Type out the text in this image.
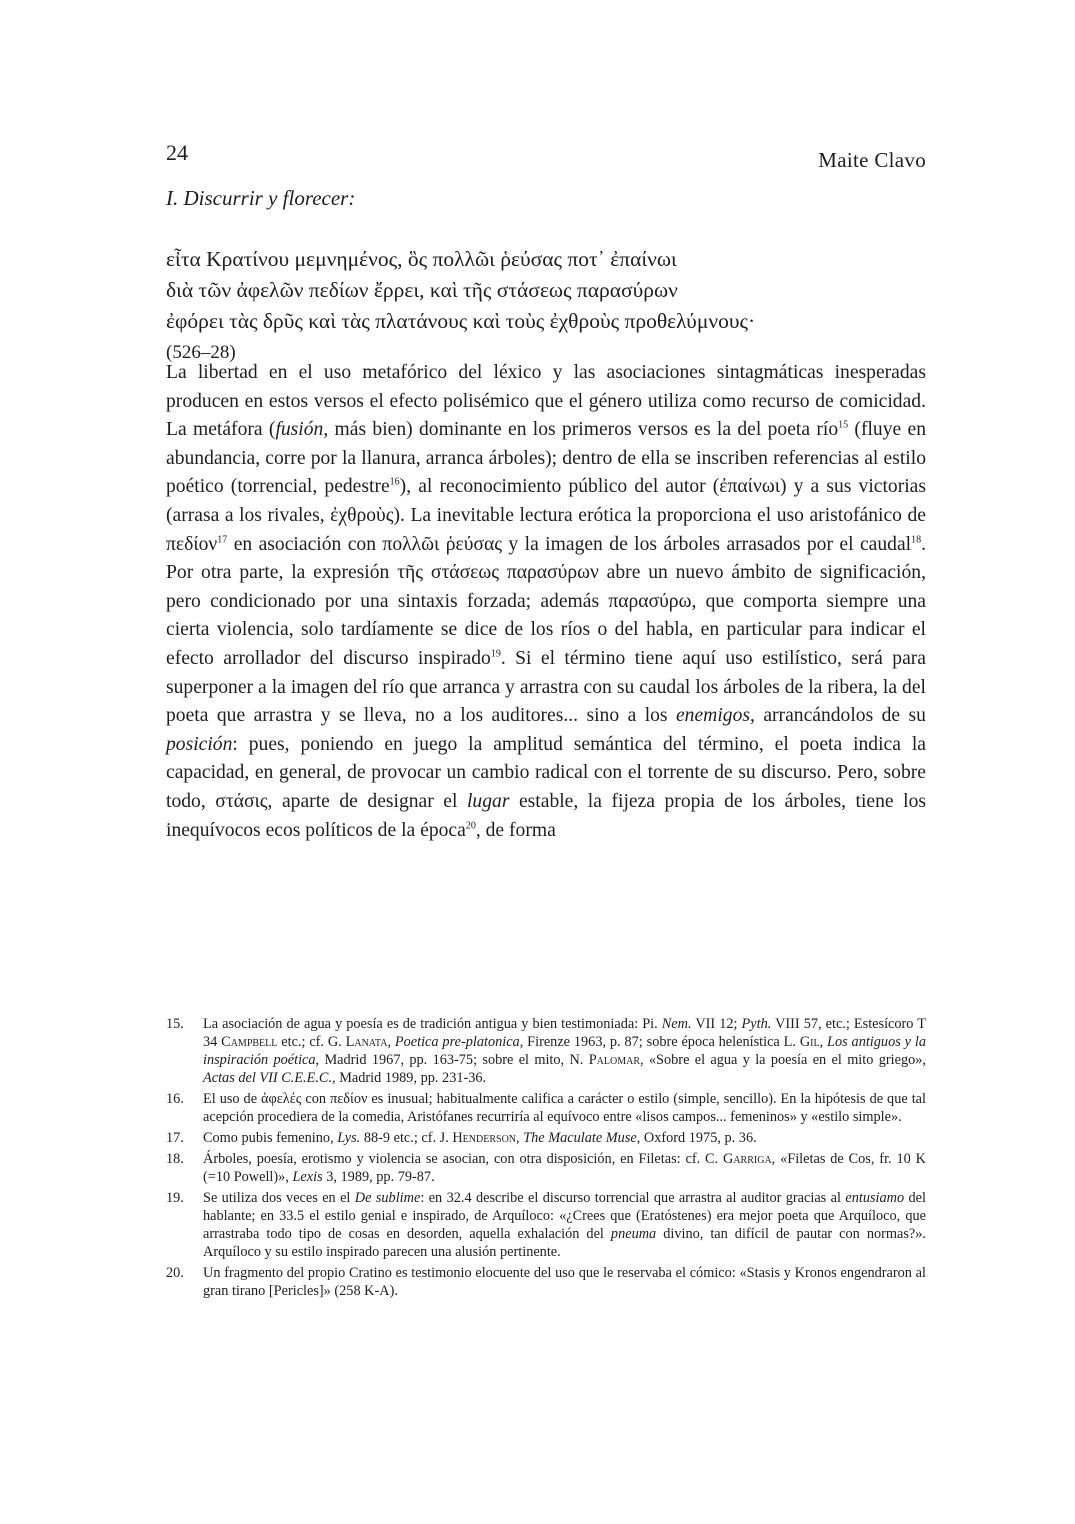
24	Maite Clavo
I. Discurrir y florecer:
εἶτα Κρατίνου μεμνημένος, ὃς πολλῶι ῥεύσας ποτ᾽ ἐπαίνωι
διὰ τῶν ἀφελῶν πεδίων ἔρρει, καὶ τῆς στάσεως παρασύρων
ἐφόρει τὰς δρῦς καὶ τὰς πλατάνους καὶ τοὺς ἐχθροὺς προθελύμνους·
(526–28)

La libertad en el uso metafórico del léxico y las asociaciones sintagmáticas inesperadas producen en estos versos el efecto polisémico que el género utiliza como recurso de comicidad. La metáfora (fusión, más bien) dominante en los primeros versos es la del poeta río$^{15}$ (fluye en abundancia, corre por la llanura, arranca árboles); dentro de ella se inscriben referencias al estilo poético (torrencial, pedestre$^{16}$), al reconocimiento público del autor (ἐπαίνωι) y a sus victorias (arrasa a los rivales, ἐχθροὺς). La inevitable lectura erótica la proporciona el uso aristofánico de πεδίον$^{17}$ en asociación con πολλῶι ῥεύσας y la imagen de los árboles arrasados por el caudal$^{18}$. Por otra parte, la expresión τῆς στάσεως παρασύρων abre un nuevo ámbito de significación, pero condicionado por una sintaxis forzada; además παρασύρω, que comporta siempre una cierta violencia, solo tardíamente se dice de los ríos o del habla, en particular para indicar el efecto arrollador del discurso inspirado$^{19}$. Si el término tiene aquí uso estilístico, será para superponer a la imagen del río que arranca y arrastra con su caudal los árboles de la ribera, la del poeta que arrastra y se lleva, no a los auditores... sino a los enemigos, arrancándolos de su posición: pues, poniendo en juego la amplitud semántica del término, el poeta indica la capacidad, en general, de provocar un cambio radical con el torrente de su discurso. Pero, sobre todo, στάσις, aparte de designar el lugar estable, la fijeza propia de los árboles, tiene los inequívocos ecos políticos de la época$^{20}$, de forma

15.	La asociación de agua y poesía es de tradición antigua y bien testimoniada: Pi. Nem. VII 12; Pyth. VIII 57, etc.; Estesícoro T 34 Campbell etc.; cf. G. Lanata, Poetica pre-platonica, Firenze 1963, p. 87; sobre época helenística L. Gil, Los antiguos y la inspiración poética, Madrid 1967, pp. 163-75; sobre el mito, N. Palomar, «Sobre el agua y la poesía en el mito griego», Actas del VII C.E.E.C., Madrid 1989, pp. 231-36.
16.	El uso de ἀφελές con πεδίον es inusual; habitualmente califica a carácter o estilo (simple, sencillo). En la hipótesis de que tal acepción procediera de la comedia, Aristófanes recurriría al equívoco entre «lisos campos... femeninos» y «estilo simple».
17.	Como pubis femenino, Lys. 88-9 etc.; cf. J. Henderson, The Maculate Muse, Oxford 1975, p. 36.
18.	Árboles, poesía, erotismo y violencia se asocian, con otra disposición, en Filetas: cf. C. Garriga, «Filetas de Cos, fr. 10 K (=10 Powell)», Lexis 3, 1989, pp. 79-87.
19.	Se utiliza dos veces en el De sublime: en 32.4 describe el discurso torrencial que arrastra al auditor gracias al entusiamo del hablante; en 33.5 el estilo genial e inspirado, de Arquíloco: «¿Crees que (Eratóstenes) era mejor poeta que Arquíloco, que arrastraba todo tipo de cosas en desorden, aquella exhalación del pneuma divino, tan difícil de pautar con normas?». Arquíloco y su estilo inspirado parecen una alusión pertinente.
20.	Un fragmento del propio Cratino es testimonio elocuente del uso que le reservaba el cómico: «Stasis y Kronos engendraron al gran tirano [Pericles]» (258 K-A).
